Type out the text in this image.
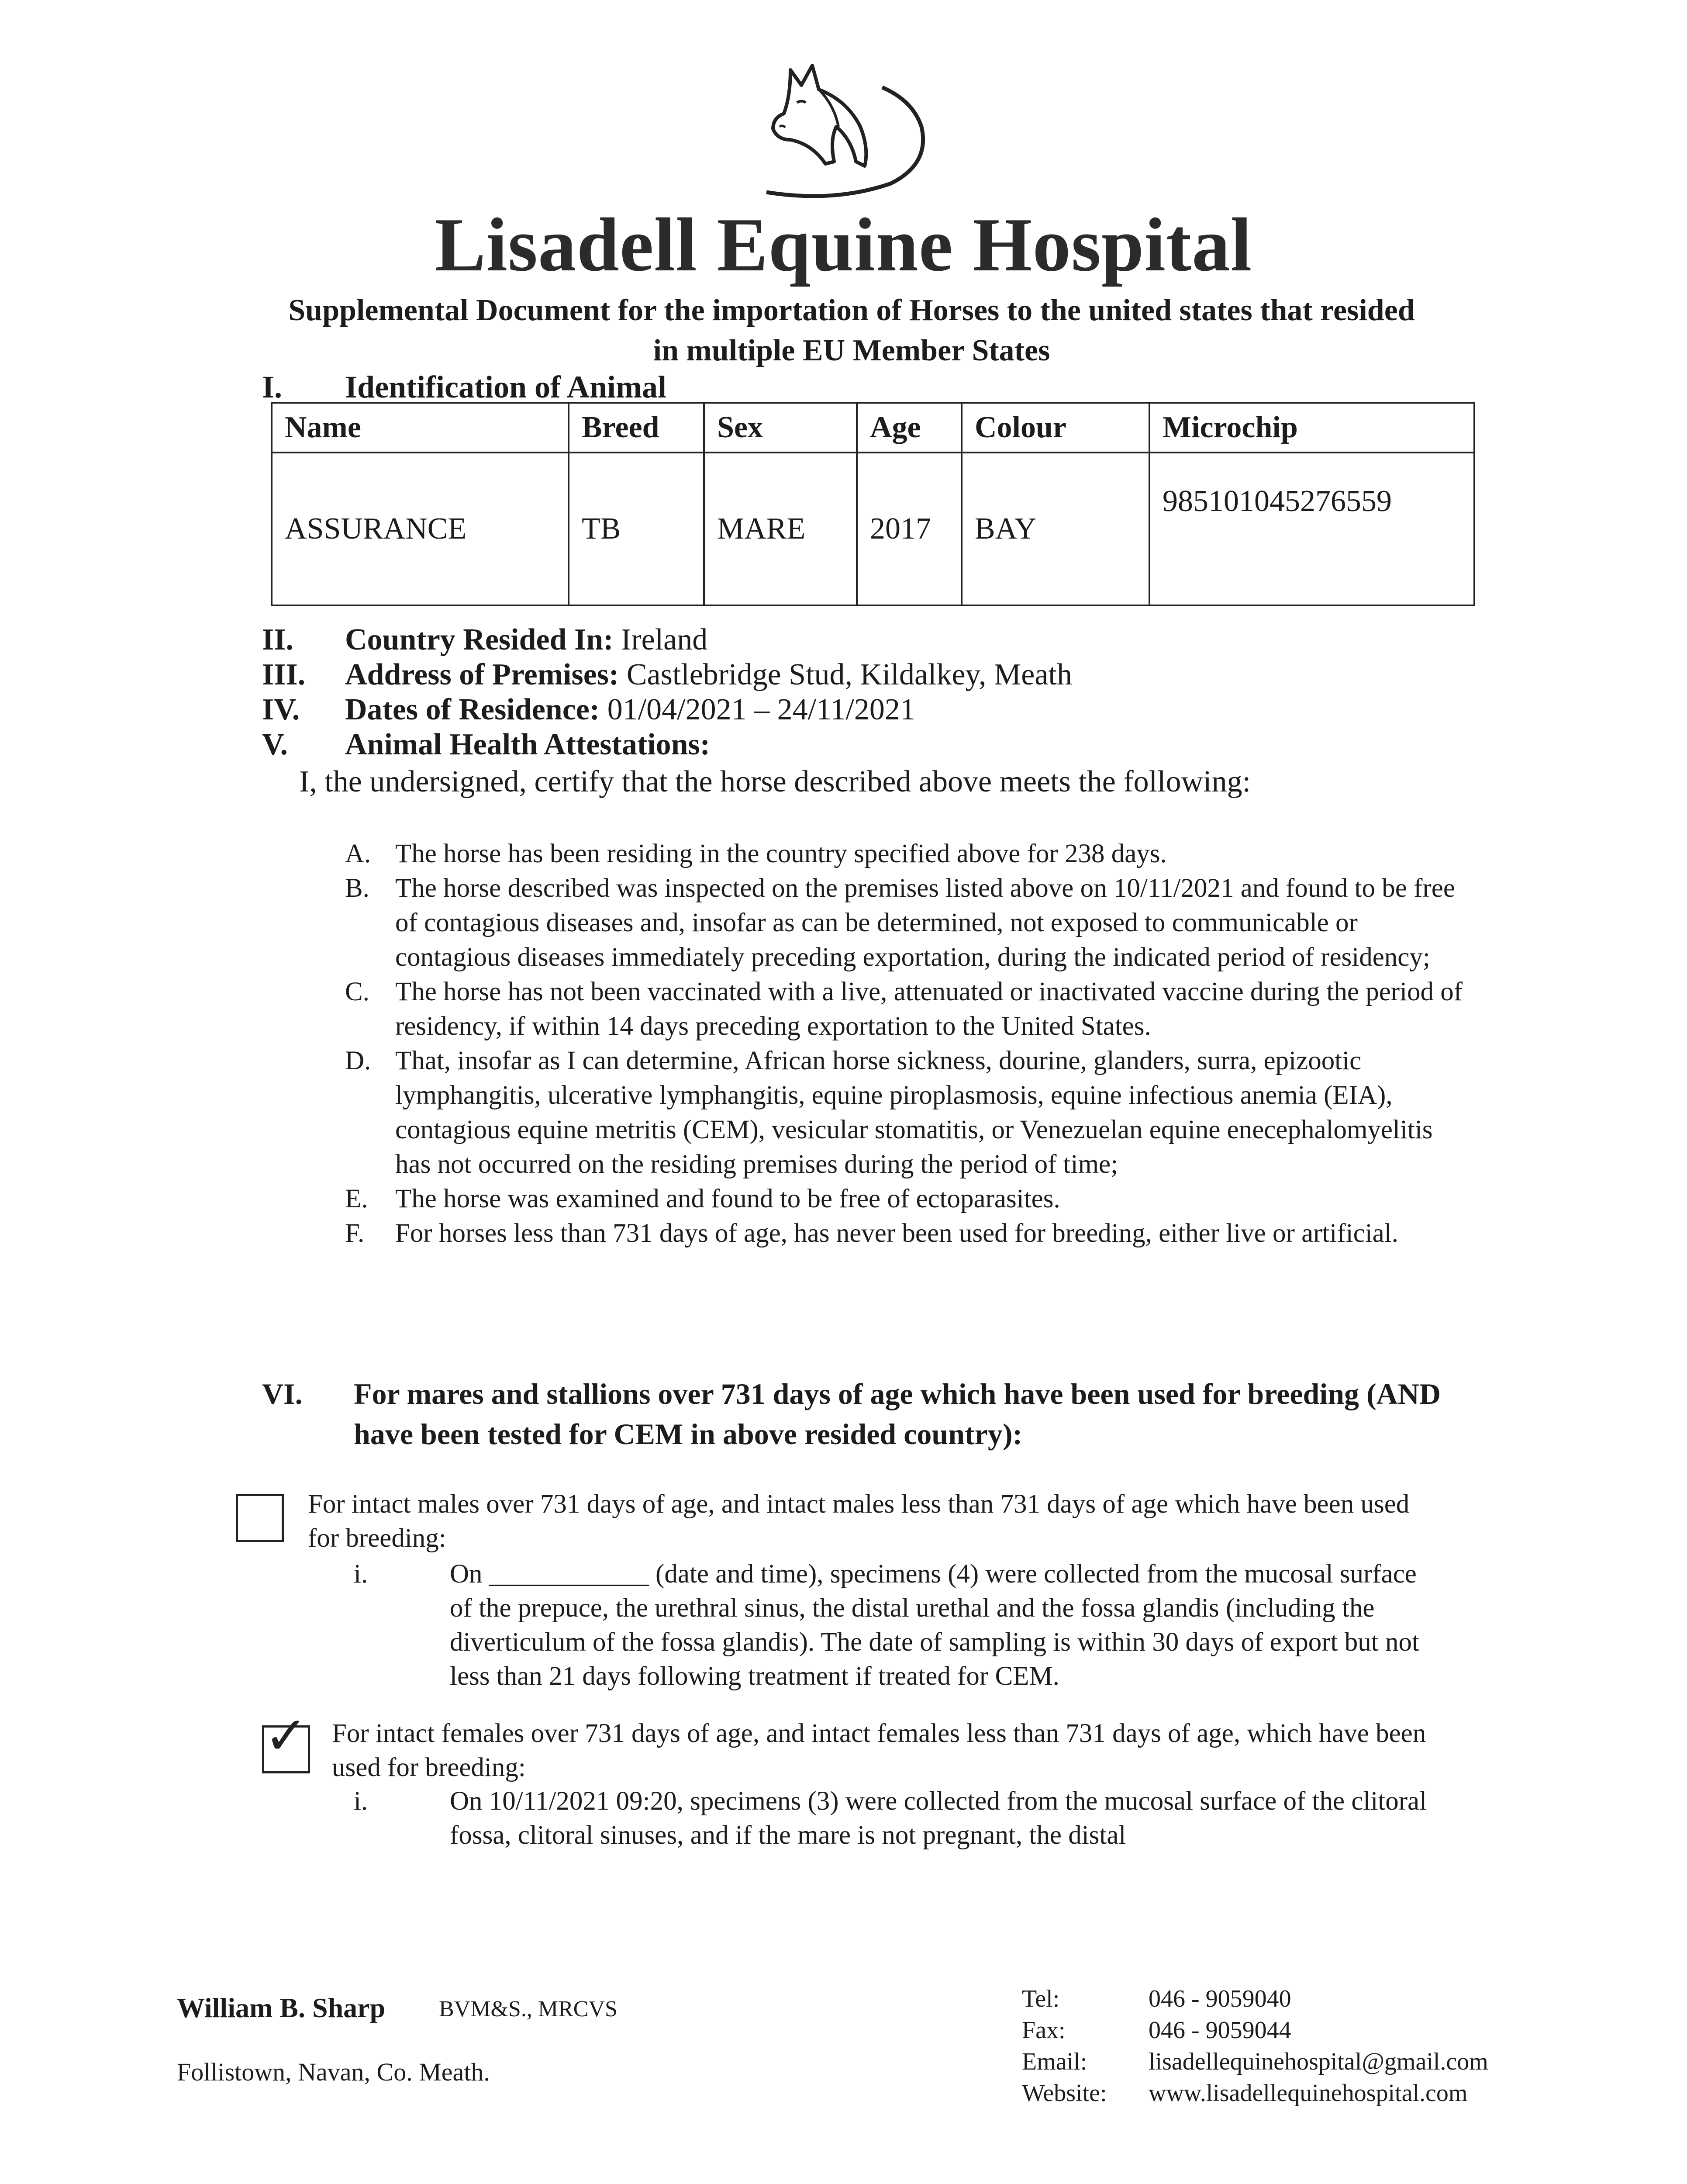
Lisadell Equine Hospital
Supplemental Document for the importation of Horses to the united states that resided
in multiple EU Member States
I. Identification of Animal
Name	Breed	Sex	Age	Colour	Microchip
ASSURANCE	TB	MARE	2017	BAY	985101045276559
II.	Country Resided In: Ireland
III.	Address of Premises: Castlebridge Stud, Kildalkey, Meath
IV.	Dates of Residence: 01/04/2021 – 24/11/2021
V.	Animal Health Attestations:
I, the undersigned, certify that the horse described above meets the following:
A. The horse has been residing in the country specified above for 238 days.
B. The horse described was inspected on the premises listed above on 10/11/2021 and found to be free of contagious diseases and, insofar as can be determined, not exposed to communicable or contagious diseases immediately preceding exportation, during the indicated period of residency;
C. The horse has not been vaccinated with a live, attenuated or inactivated vaccine during the period of residency, if within 14 days preceding exportation to the United States.
D. That, insofar as I can determine, African horse sickness, dourine, glanders, surra, epizootic lymphangitis, ulcerative lymphangitis, equine piroplasmosis, equine infectious anemia (EIA), contagious equine metritis (CEM), vesicular stomatitis, or Venezuelan equine enecephalomyelitis has not occurred on the residing premises during the period of time;
E. The horse was examined and found to be free of ectoparasites.
F. For horses less than 731 days of age, has never been used for breeding, either live or artificial.
VI. For mares and stallions over 731 days of age which have been used for breeding (AND have been tested for CEM in above resided country):
For intact males over 731 days of age, and intact males less than 731 days of age which have been used for breeding:
i.	On ____________ (date and time), specimens (4) were collected from the mucosal surface of the prepuce, the urethral sinus, the distal urethal and the fossa glandis (including the diverticulum of the fossa glandis). The date of sampling is within 30 days of export but not less than 21 days following treatment if treated for CEM.
✓ For intact females over 731 days of age, and intact females less than 731 days of age, which have been used for breeding:
i.	On 10/11/2021 09:20, specimens (3) were collected from the mucosal surface of the clitoral fossa, clitoral sinuses, and if the mare is not pregnant, the distal
William B. Sharp BVM&S., MRCVS
Follistown, Navan, Co. Meath.
Tel:	046 - 9059040
Fax:	046 - 9059044
Email:	lisadellequinehospital@gmail.com
Website:	www.lisadellequinehospital.com
